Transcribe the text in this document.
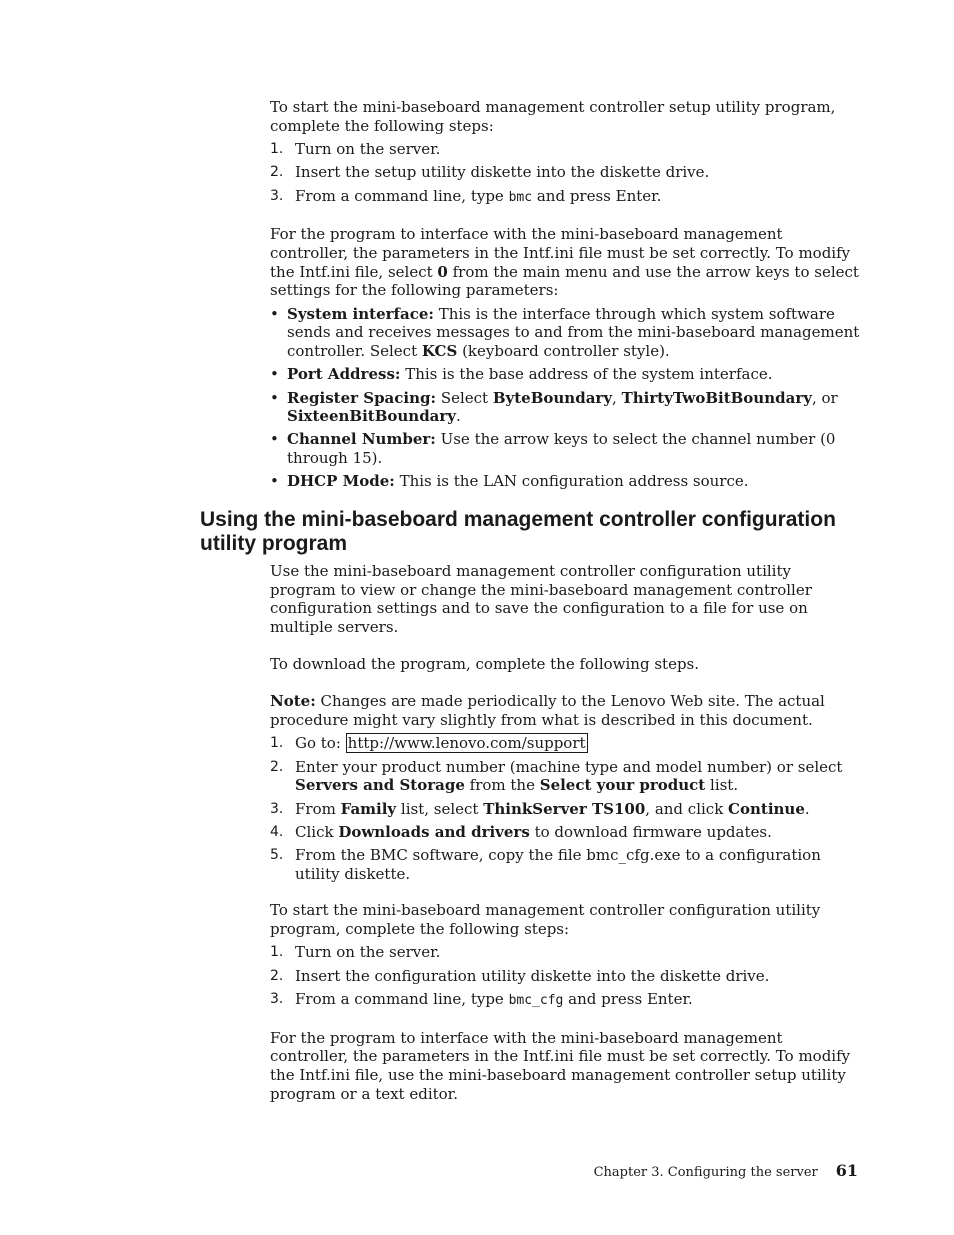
To start the mini-baseboard management controller setup utility program, complete the following steps:

1. Turn on the server.
2. Insert the setup utility diskette into the diskette drive.
3. From a command line, type bmc and press Enter.

For the program to interface with the mini-baseboard management controller, the parameters in the Intf.ini file must be set correctly. To modify the Intf.ini file, select 0 from the main menu and use the arrow keys to select settings for the following parameters:

• System interface: This is the interface through which system software sends and receives messages to and from the mini-baseboard management controller. Select KCS (keyboard controller style).
• Port Address: This is the base address of the system interface.
• Register Spacing: Select ByteBoundary, ThirtyTwoBitBoundary, or SixteenBitBoundary.
• Channel Number: Use the arrow keys to select the channel number (0 through 15).
• DHCP Mode: This is the LAN configuration address source.
Using the mini-baseboard management controller configuration utility program

Use the mini-baseboard management controller configuration utility program to view or change the mini-baseboard management controller configuration settings and to save the configuration to a file for use on multiple servers.

To download the program, complete the following steps.

Note: Changes are made periodically to the Lenovo Web site. The actual procedure might vary slightly from what is described in this document.

1. Go to: http://www.lenovo.com/support
2. Enter your product number (machine type and model number) or select Servers and Storage from the Select your product list.
3. From Family list, select ThinkServer TS100, and click Continue.
4. Click Downloads and drivers to download firmware updates.
5. From the BMC software, copy the file bmc_cfg.exe to a configuration utility diskette.

To start the mini-baseboard management controller configuration utility program, complete the following steps:

1. Turn on the server.
2. Insert the configuration utility diskette into the diskette drive.
3. From a command line, type bmc_cfg and press Enter.

For the program to interface with the mini-baseboard management controller, the parameters in the Intf.ini file must be set correctly. To modify the Intf.ini file, use the mini-baseboard management controller setup utility program or a text editor.

Chapter 3. Configuring the server 61
